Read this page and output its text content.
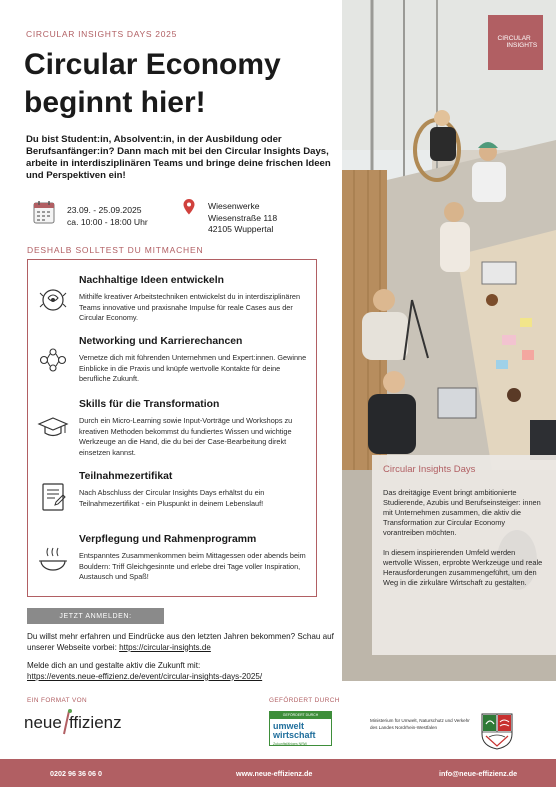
CIRCULAR
INSIGHTS
Circular Insights Days
Das dreitägige Event bringt ambitionierte Studierende, Azubis und Berufseinsteiger: innen mit Unternehmen zusammen, die aktiv die Transformation zur Circular Economy vorantreiben möchten.
In diesem inspirierenden Umfeld werden wertvolle Wissen, erprobte Werkzeuge und reale Herausforderungen zusammengeführt, um den Weg in die zirkuläre Wirtschaft zu gestalten.
CIRCULAR INSIGHTS DAYS 2025
Circular Economy
beginnt hier!
Du bist Student:in, Absolvent:in, in der Ausbildung oder Berufsanfänger:in? Dann mach mit bei den Circular Insights Days, arbeite in interdisziplinären Teams und bringe deine frischen Ideen und Perspektiven ein!
23.09. - 25.09.2025
ca. 10:00 - 18:00 Uhr
Wiesenwerke
Wiesenstraße 118
42105 Wuppertal
DESHALB SOLLTEST DU MITMACHEN
Nachhaltige Ideen entwickeln
Mithilfe kreativer Arbeitstechniken entwickelst du in interdisziplinären Teams innovative und praxisnahe Impulse für reale Cases aus der Circular Economy.
Networking und Karrierechancen
Vernetze dich mit führenden Unternehmen und Expert:innen. Gewinne Einblicke in die Praxis und knüpfe wertvolle Kontakte für deine berufliche Zukunft.
Skills für die Transformation
Durch ein Micro-Learning sowie Input-Vorträge und Workshops zu kreativen Methoden bekommst du fundiertes Wissen und wichtige Werkzeuge an die Hand, die du bei der Case-Bearbeitung direkt einsetzen kannst.
Teilnahmezertifikat
Nach Abschluss der Circular Insights Days erhältst du ein Teilnahmezertifikat - ein Pluspunkt in deinem Lebenslauf!
Verpflegung und Rahmenprogramm
Entspanntes Zusammenkommen beim Mittagessen oder abends beim Bouldern: Triff Gleichgesinnte und erlebe drei Tage voller Inspiration, Austausch und Spaß!
JETZT ANMELDEN:
Du willst mehr erfahren und Eindrücke aus den letzten Jahren bekommen? Schau auf unserer Webseite vorbei: https://circular-insights.de
Melde dich an und gestalte aktiv die Zukunft mit:
https://events.neue-effizienz.de/event/circular-insights-days-2025/
EIN FORMAT VON
neue ffizienz
GEFÖRDERT DURCH
GEFÖRDERT DURCH
umwelt
wirtschaft
Zukunftsfähiges NRW
Ministerium für Umwelt, Naturschutz und Verkehr des Landes Nordrhein-Westfalen
0202 96 36 06 0	www.neue-effizienz.de	info@neue-effizienz.de
